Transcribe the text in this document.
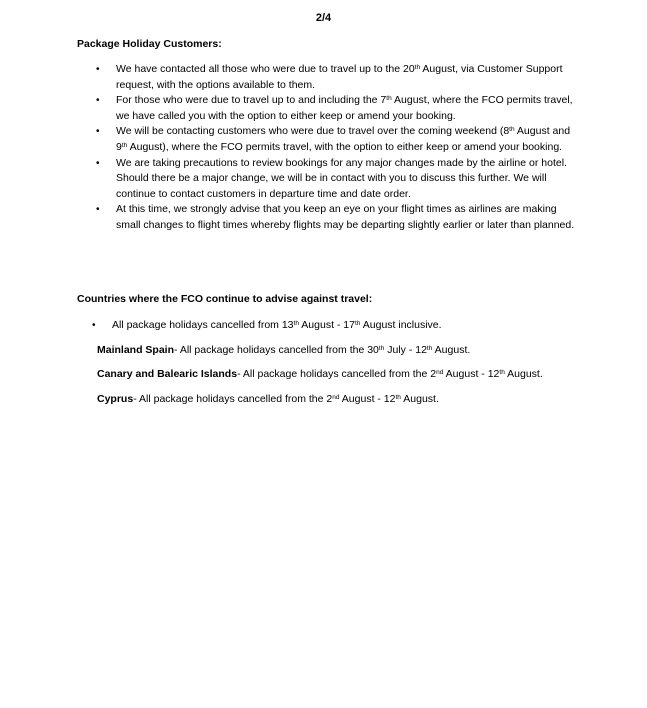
2/4
Package Holiday Customers:
• We have contacted all those who were due to travel up to the 20th August, via Customer Support request, with the options available to them.
• For those who were due to travel up to and including the 7th August, where the FCO permits travel, we have called you with the option to either keep or amend your booking.
• We will be contacting customers who were due to travel over the coming weekend (8th August and 9th August), where the FCO permits travel, with the option to either keep or amend your booking.
• We are taking precautions to review bookings for any major changes made by the airline or hotel. Should there be a major change, we will be in contact with you to discuss this further. We will continue to contact customers in departure time and date order.
• At this time, we strongly advise that you keep an eye on your flight times as airlines are making small changes to flight times whereby flights may be departing slightly earlier or later than planned.
Countries where the FCO continue to advise against travel:
• All package holidays cancelled from 13th August - 17th August inclusive.
Mainland Spain- All package holidays cancelled from the 30th July - 12th August.
Canary and Balearic Islands- All package holidays cancelled from the 2nd August - 12th August.
Cyprus- All package holidays cancelled from the 2nd August - 12th August.
